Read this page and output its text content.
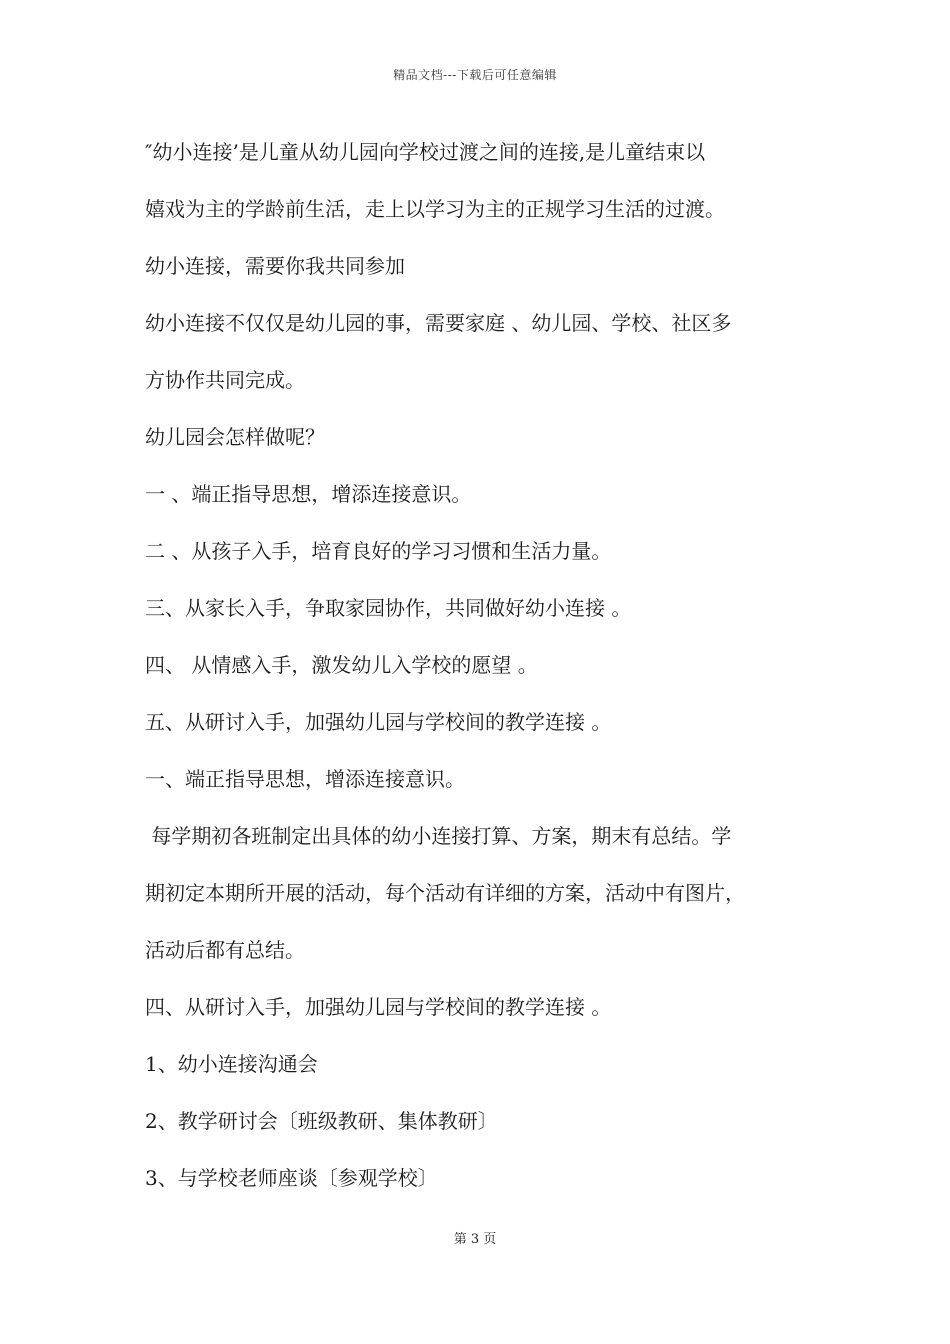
精品文档---下载后可任意编辑
″幼小连接’是儿童从幼儿园向学校过渡之间的连接,是儿童结束以
嬉戏为主的学龄前生活，走上以学习为主的正规学习生活的过渡。
幼小连接，需要你我共同参加
幼小连接不仅仅是幼儿园的事，需要家庭 、幼儿园、学校、社区多
方协作共同完成。
幼儿园会怎样做呢？
一 、端正指导思想，增添连接意识。
二 、从孩子入手，培育良好的学习习惯和生活力量。
三、从家长入手，争取家园协作，共同做好幼小连接 。
四、 从情感入手，激发幼儿入学校的愿望 。
五、从研讨入手，加强幼儿园与学校间的教学连接 。
一、端正指导思想，增添连接意识。
每学期初各班制定出具体的幼小连接打算、方案，期末有总结。学
期初定本期所开展的活动，每个活动有详细的方案，活动中有图片，
活动后都有总结。
四、从研讨入手，加强幼儿园与学校间的教学连接 。
1、幼小连接沟通会
2、教学研讨会〔班级教研、集体教研〕
3、与学校老师座谈〔参观学校〕
第 3 页
